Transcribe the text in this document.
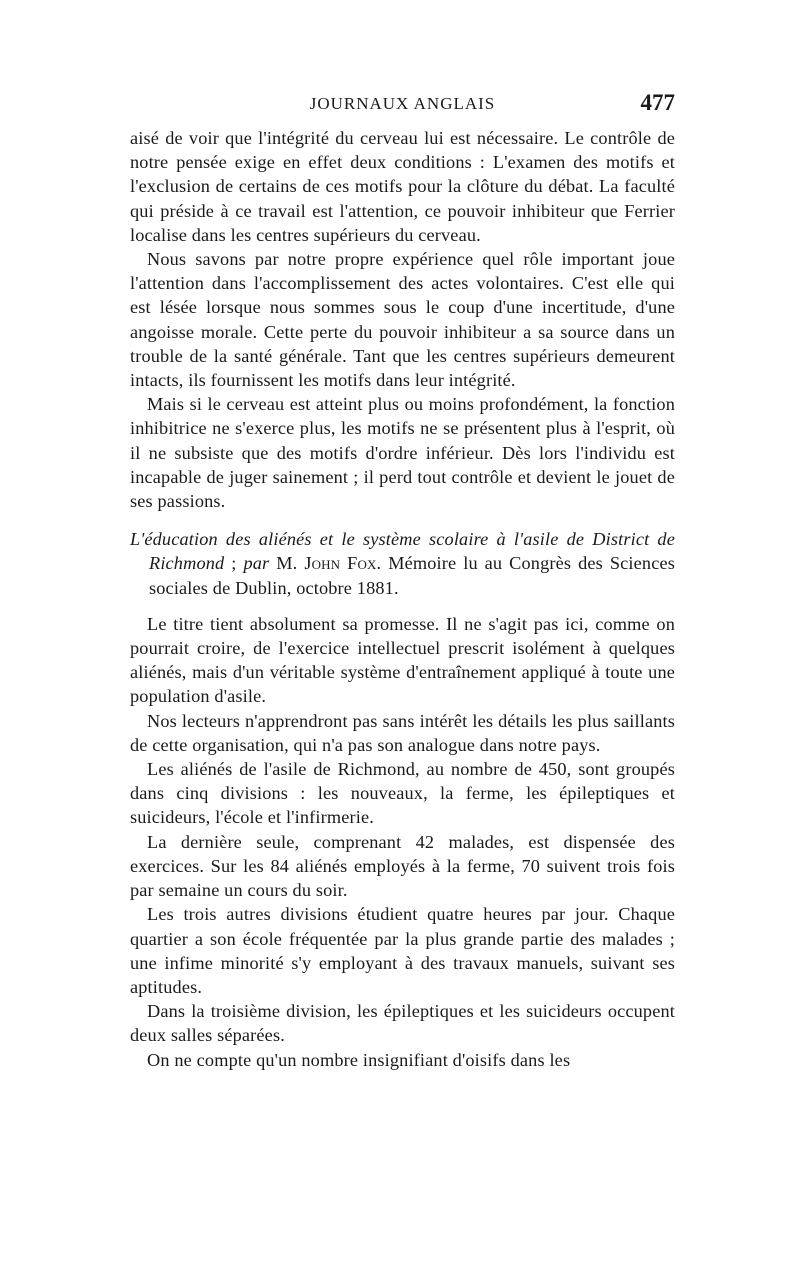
JOURNAUX ANGLAIS	477

aisé de voir que l'intégrité du cerveau lui est nécessaire. Le contrôle de notre pensée exige en effet deux conditions : L'examen des motifs et l'exclusion de certains de ces motifs pour la clôture du débat. La faculté qui préside à ce travail est l'attention, ce pouvoir inhibiteur que Ferrier localise dans les centres supérieurs du cerveau.

Nous savons par notre propre expérience quel rôle important joue l'attention dans l'accomplissement des actes volontaires. C'est elle qui est lésée lorsque nous sommes sous le coup d'une incertitude, d'une angoisse morale. Cette perte du pouvoir inhibiteur a sa source dans un trouble de la santé générale. Tant que les centres supérieurs demeurent intacts, ils fournissent les motifs dans leur intégrité.

Mais si le cerveau est atteint plus ou moins profondément, la fonction inhibitrice ne s'exerce plus, les motifs ne se présentent plus à l'esprit, où il ne subsiste que des motifs d'ordre inférieur. Dès lors l'individu est incapable de juger sainement ; il perd tout contrôle et devient le jouet de ses passions.

L'éducation des aliénés et le système scolaire à l'asile de District de Richmond ; par M. John Fox. Mémoire lu au Congrès des Sciences sociales de Dublin, octobre 1881.

Le titre tient absolument sa promesse. Il ne s'agit pas ici, comme on pourrait croire, de l'exercice intellectuel prescrit isolément à quelques aliénés, mais d'un véritable système d'entraînement appliqué à toute une population d'asile.

Nos lecteurs n'apprendront pas sans intérêt les détails les plus saillants de cette organisation, qui n'a pas son analogue dans notre pays.

Les aliénés de l'asile de Richmond, au nombre de 450, sont groupés dans cinq divisions : les nouveaux, la ferme, les épileptiques et suicideurs, l'école et l'infirmerie.

La dernière seule, comprenant 42 malades, est dispensée des exercices. Sur les 84 aliénés employés à la ferme, 70 suivent trois fois par semaine un cours du soir.

Les trois autres divisions étudient quatre heures par jour. Chaque quartier a son école fréquentée par la plus grande partie des malades ; une infime minorité s'y employant à des travaux manuels, suivant ses aptitudes.

Dans la troisième division, les épileptiques et les suicideurs occupent deux salles séparées.

On ne compte qu'un nombre insignifiant d'oisifs dans les
